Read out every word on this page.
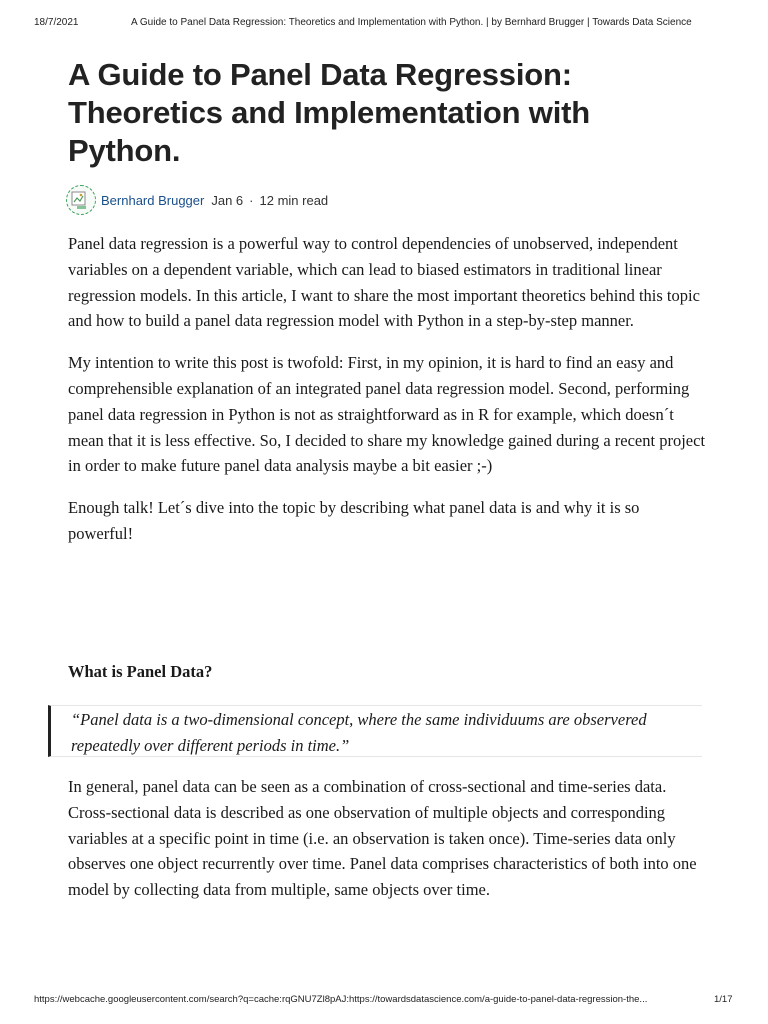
18/7/2021	A Guide to Panel Data Regression: Theoretics and Implementation with Python. | by Bernhard Brugger | Towards Data Science
A Guide to Panel Data Regression: Theoretics and Implementation with Python.
Bernhard Brugger Jan 6 · 12 min read

Panel data regression is a powerful way to control dependencies of unobserved, independent variables on a dependent variable, which can lead to biased estimators in traditional linear regression models. In this article, I want to share the most important theoretics behind this topic and how to build a panel data regression model with Python in a step-by-step manner.

My intention to write this post is twofold: First, in my opinion, it is hard to find an easy and comprehensible explanation of an integrated panel data regression model. Second, performing panel data regression in Python is not as straightforward as in R for example, which doesn´t mean that it is less effective. So, I decided to share my knowledge gained during a recent project in order to make future panel data analysis maybe a bit easier ;-)

Enough talk! Let´s dive into the topic by describing what panel data is and why it is so powerful!

What is Panel Data?
“Panel data is a two-dimensional concept, where the same individuums are observered repeatedly over different periods in time.”

In general, panel data can be seen as a combination of cross-sectional and time-series data. Cross-sectional data is described as one observation of multiple objects and corresponding variables at a specific point in time (i.e. an observation is taken once). Time-series data only observes one object recurrently over time. Panel data comprises characteristics of both into one model by collecting data from multiple, same objects over time.

https://webcache.googleusercontent.com/search?q=cache:rqGNU7Zl8pAJ:https://towardsdatascience.com/a-guide-to-panel-data-regression-the...	1/17
